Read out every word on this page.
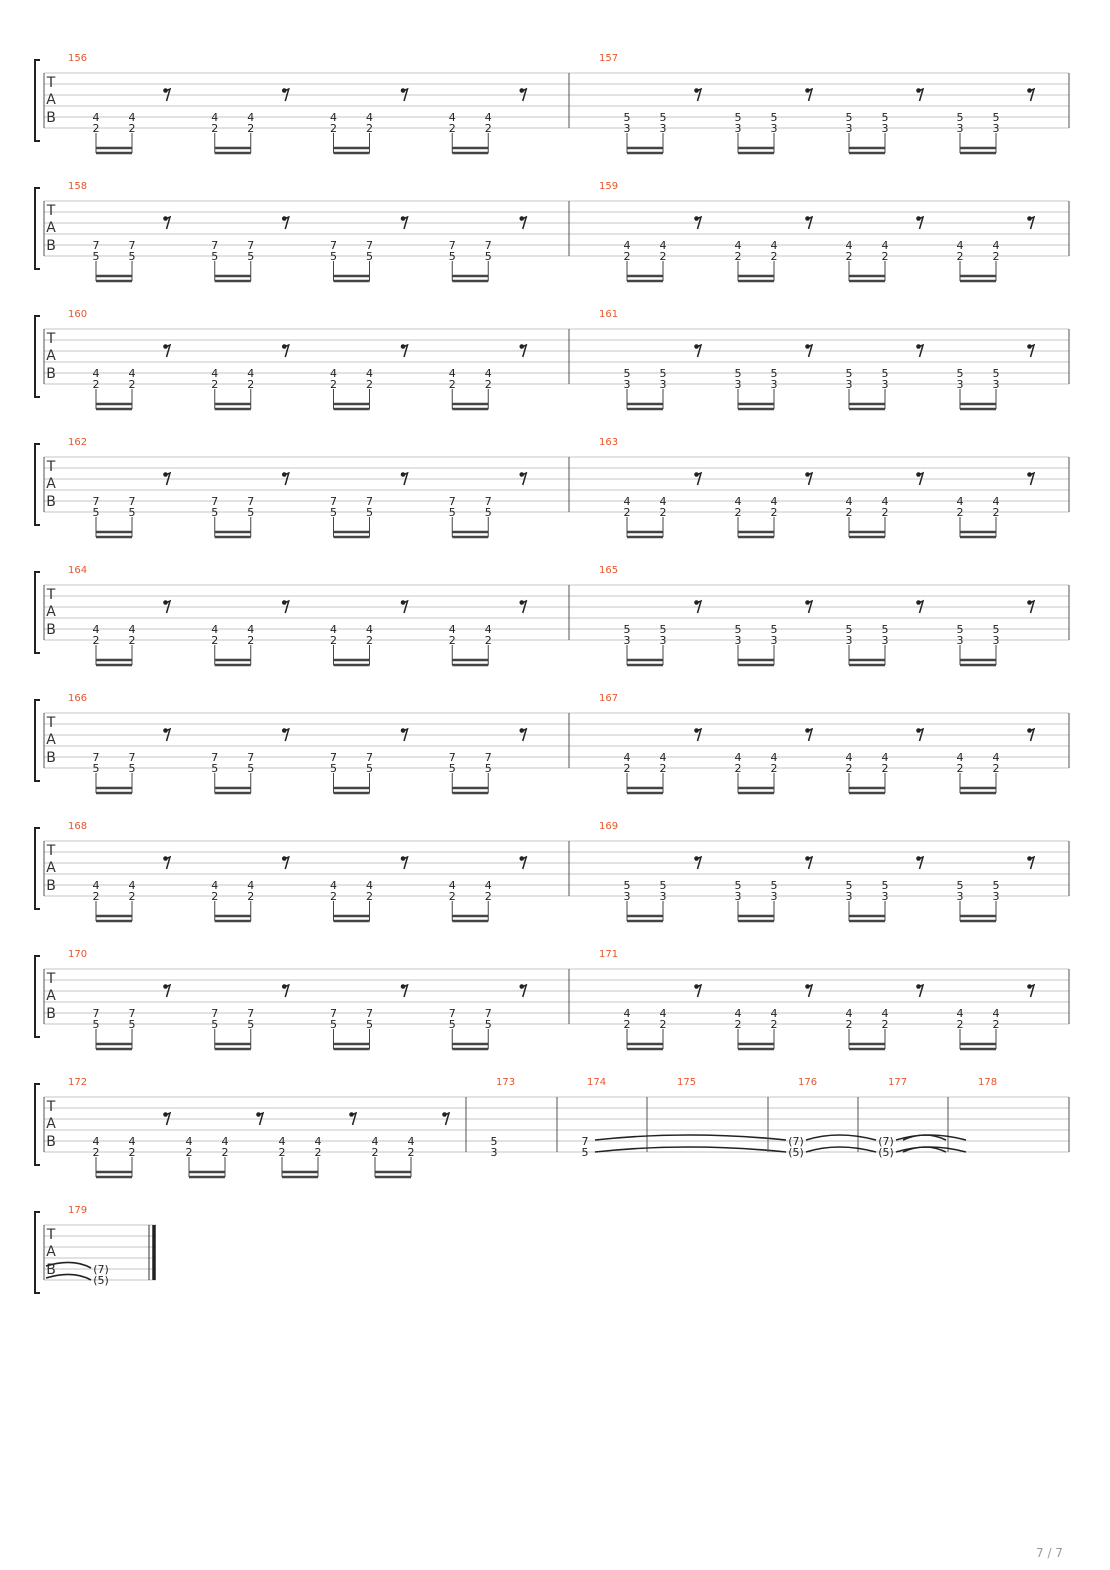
T
A
B
156
4
2
4
2
4
2
4
2
4
2
4
2
4
2
4
2
157
5
3
5
3
5
3
5
3
5
3
5
3
5
3
5
3
T
A
B
158
7
5
7
5
7
5
7
5
7
5
7
5
7
5
7
5
159
4
2
4
2
4
2
4
2
4
2
4
2
4
2
4
2
T
A
B
160
4
2
4
2
4
2
4
2
4
2
4
2
4
2
4
2
161
5
3
5
3
5
3
5
3
5
3
5
3
5
3
5
3
T
A
B
162
7
5
7
5
7
5
7
5
7
5
7
5
7
5
7
5
163
4
2
4
2
4
2
4
2
4
2
4
2
4
2
4
2
T
A
B
164
4
2
4
2
4
2
4
2
4
2
4
2
4
2
4
2
165
5
3
5
3
5
3
5
3
5
3
5
3
5
3
5
3
T
A
B
166
7
5
7
5
7
5
7
5
7
5
7
5
7
5
7
5
167
4
2
4
2
4
2
4
2
4
2
4
2
4
2
4
2
T
A
B
168
4
2
4
2
4
2
4
2
4
2
4
2
4
2
4
2
169
5
3
5
3
5
3
5
3
5
3
5
3
5
3
5
3
T
A
B
170
7
5
7
5
7
5
7
5
7
5
7
5
7
5
7
5
171
4
2
4
2
4
2
4
2
4
2
4
2
4
2
4
2
T
A
B
172
4
2
4
2
4
2
4
2
4
2
4
2
4
2
4
2
173
5
3
174
7
5
175	176
(7)
(5)
177
(7)
(5)
178
T
A
B
179
(7)
(5)
7 / 7
